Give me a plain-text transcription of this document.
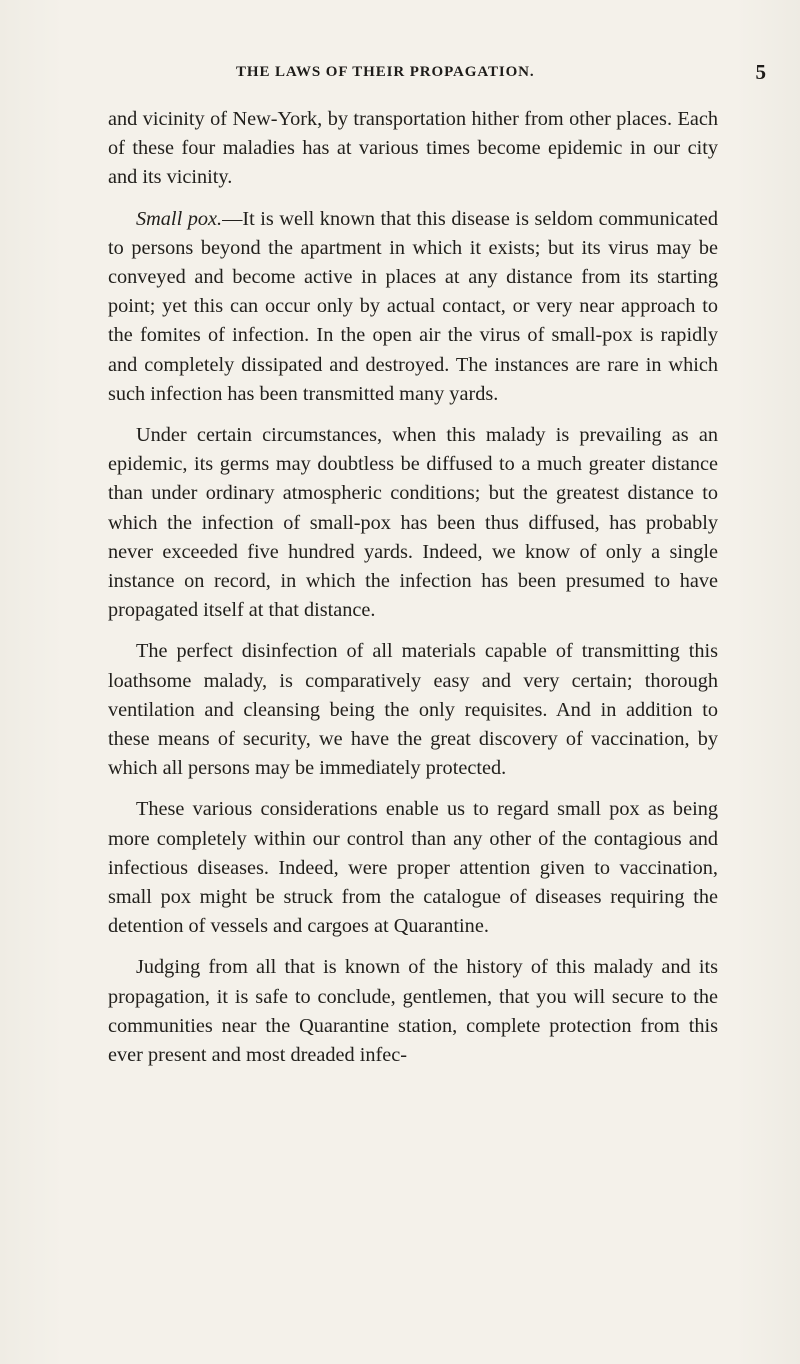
THE LAWS OF THEIR PROPAGATION.	5

and vicinity of New-York, by transportation hither from other places. Each of these four maladies has at various times become epidemic in our city and its vicinity.

Small pox.—It is well known that this disease is seldom communicated to persons beyond the apartment in which it exists; but its virus may be conveyed and become active in places at any distance from its starting point; yet this can occur only by actual contact, or very near approach to the fomites of infection. In the open air the virus of small-pox is rapidly and completely dissipated and destroyed. The instances are rare in which such infection has been transmitted many yards.

Under certain circumstances, when this malady is prevailing as an epidemic, its germs may doubtless be diffused to a much greater distance than under ordinary atmospheric conditions; but the greatest distance to which the infection of small-pox has been thus diffused, has probably never exceeded five hundred yards. Indeed, we know of only a single instance on record, in which the infection has been presumed to have propagated itself at that distance.

The perfect disinfection of all materials capable of transmitting this loathsome malady, is comparatively easy and very certain; thorough ventilation and cleansing being the only requisites. And in addition to these means of security, we have the great discovery of vaccination, by which all persons may be immediately protected.

These various considerations enable us to regard small pox as being more completely within our control than any other of the contagious and infectious diseases. Indeed, were proper attention given to vaccination, small pox might be struck from the catalogue of diseases requiring the detention of vessels and cargoes at Quarantine.

Judging from all that is known of the history of this malady and its propagation, it is safe to conclude, gentlemen, that you will secure to the communities near the Quarantine station, complete protection from this ever present and most dreaded infec-
